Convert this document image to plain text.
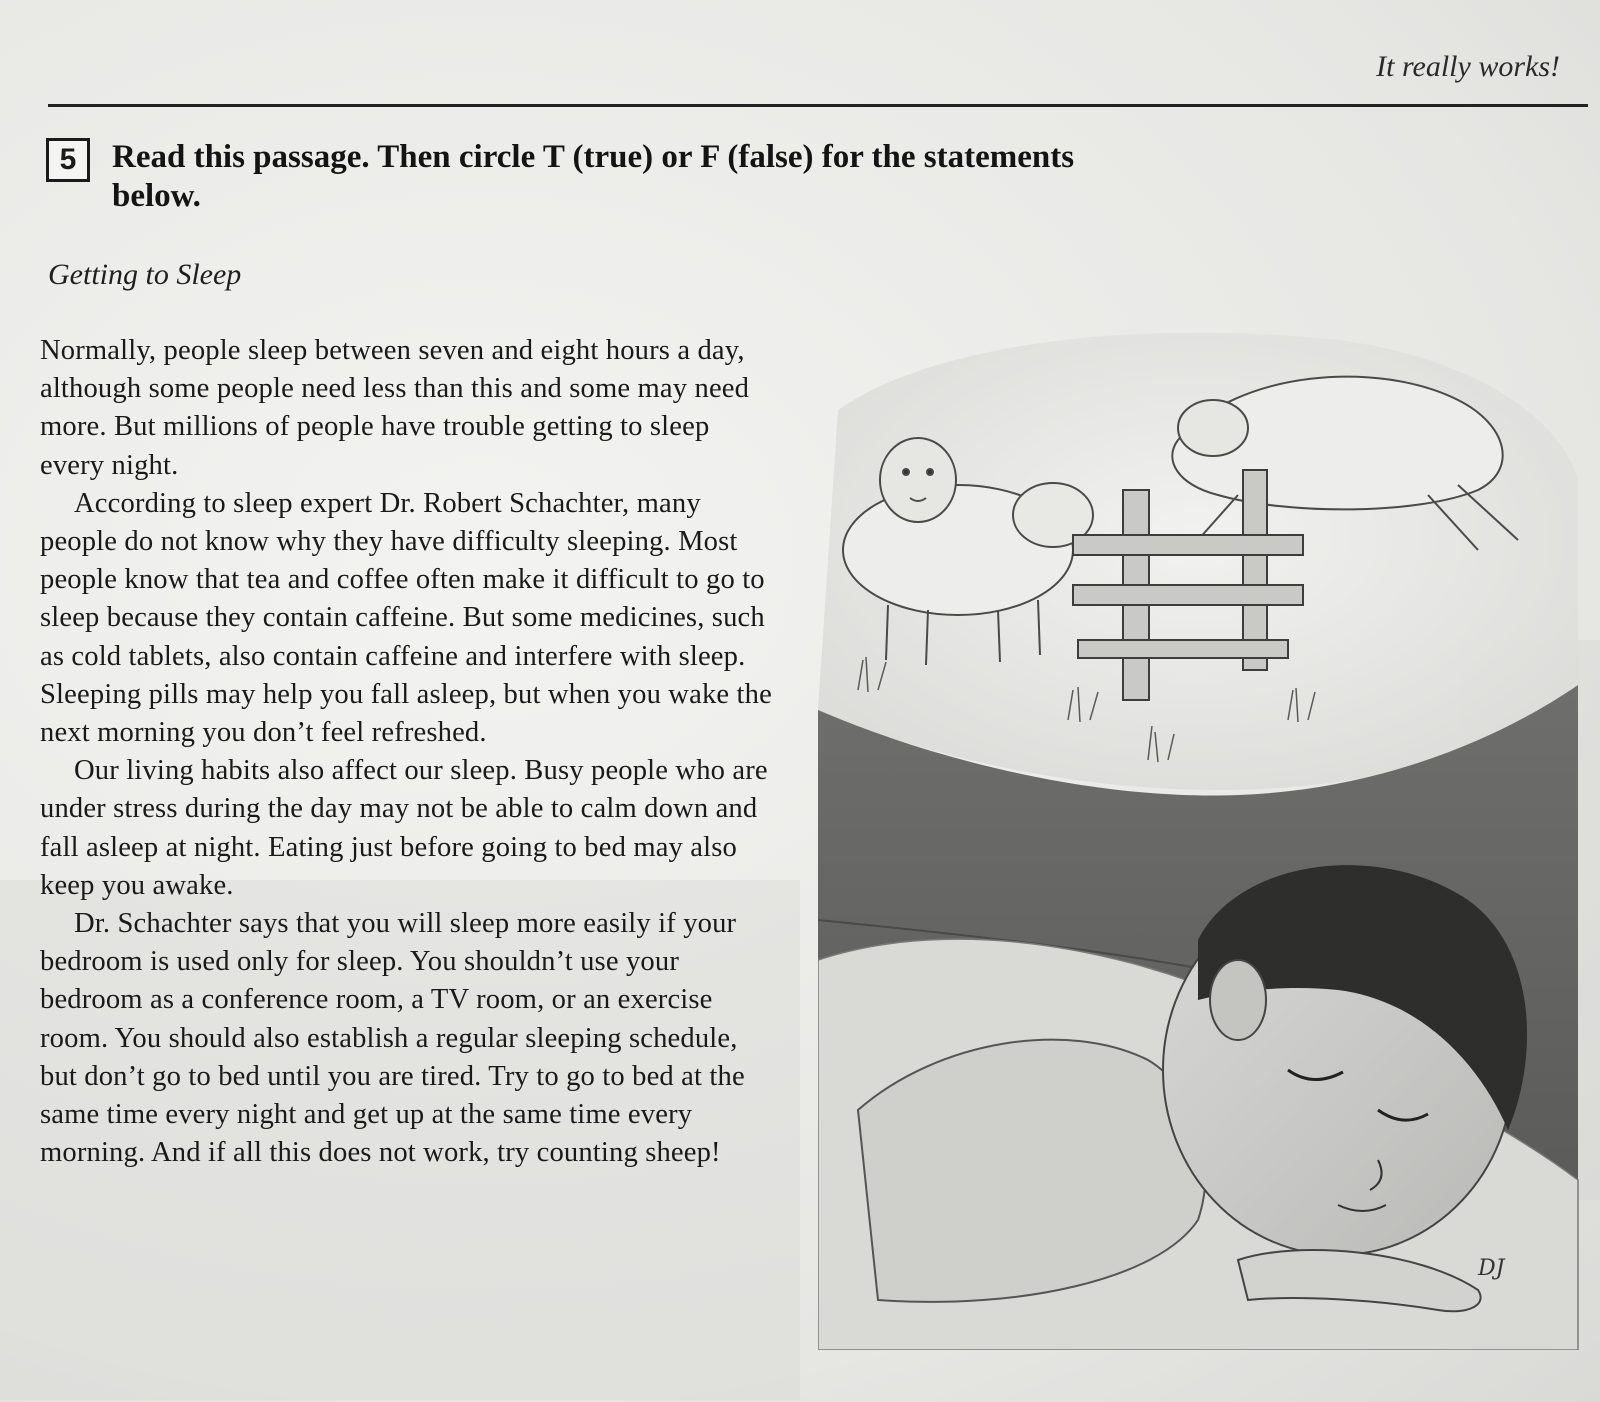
It really works!
5	Read this passage. Then circle T (true) or F (false) for the statements below.
Getting to Sleep

Normally, people sleep between seven and eight hours a day, although some people need less than this and some may need more. But millions of people have trouble getting to sleep every night.

According to sleep expert Dr. Robert Schachter, many people do not know why they have difficulty sleeping. Most people know that tea and coffee often make it difficult to go to sleep because they contain caffeine. But some medicines, such as cold tablets, also contain caffeine and interfere with sleep. Sleeping pills may help you fall asleep, but when you wake the next morning you don’t feel refreshed.

Our living habits also affect our sleep. Busy people who are under stress during the day may not be able to calm down and fall asleep at night. Eating just before going to bed may also keep you awake.

Dr. Schachter says that you will sleep more easily if your bedroom is used only for sleep. You shouldn’t use your bedroom as a conference room, a TV room, or an exercise room. You should also establish a regular sleeping schedule, but don’t go to bed until you are tired. Try to go to bed at the same time every night and get up at the same time every morning. And if all this does not work, try counting sheep!

DJ
